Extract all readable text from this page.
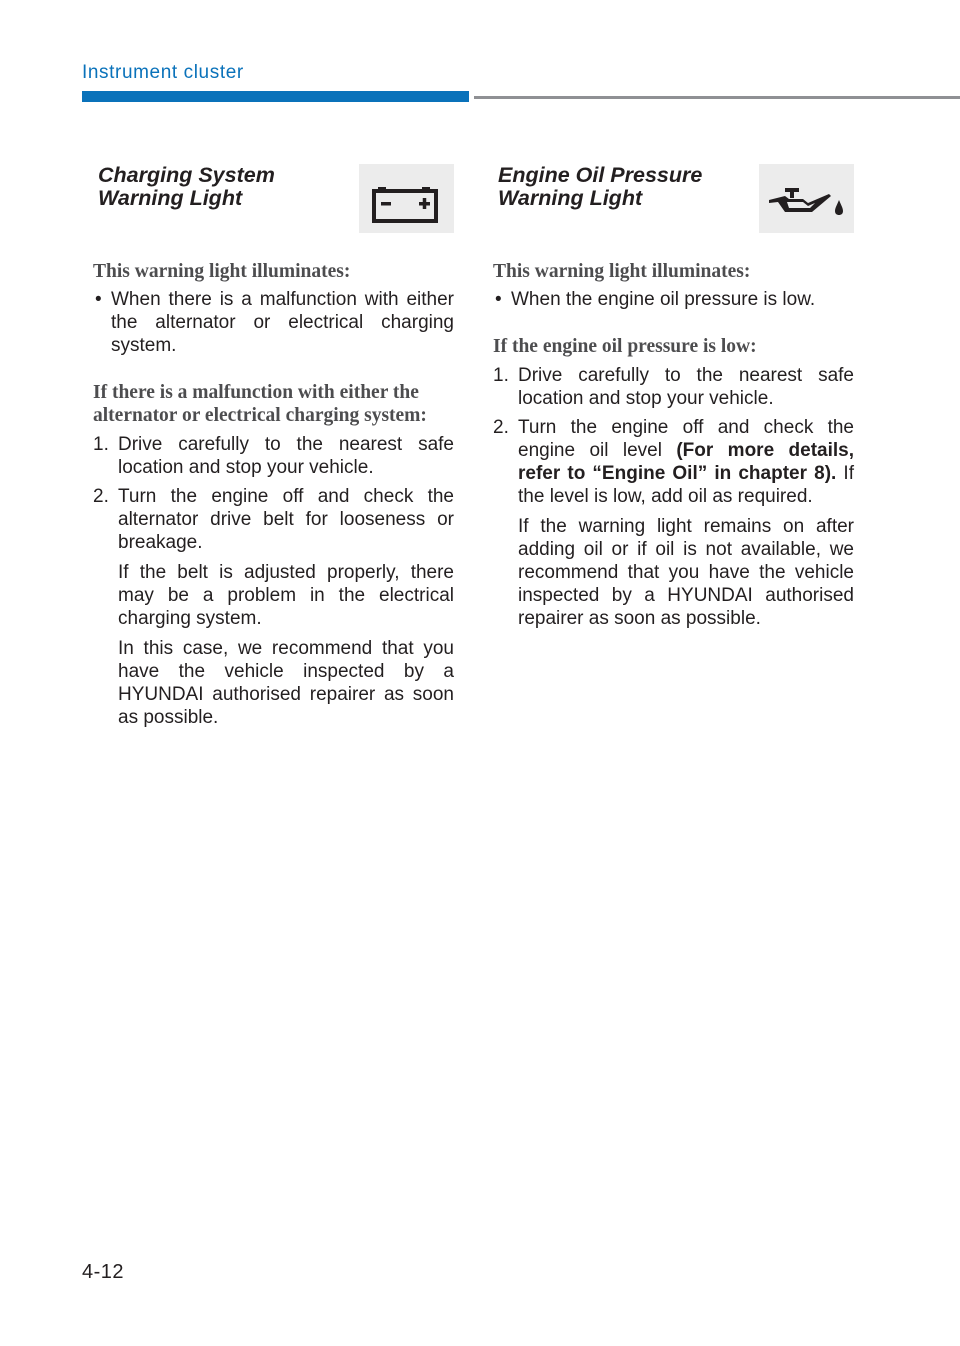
Instrument cluster
Charging System
Warning Light

This warning light illuminates:

• When there is a malfunction with either the alternator or electrical charging system.

If there is a malfunction with either the alternator or electrical charging system:

1. Drive carefully to the nearest safe location and stop your vehicle.

2. Turn the engine off and check the alternator drive belt for looseness or breakage.

If the belt is adjusted properly, there may be a problem in the electrical charging system.

In this case, we recommend that you have the vehicle inspected by a HYUNDAI authorised repairer as soon as possible.

Engine Oil Pressure
Warning Light

This warning light illuminates:

• When the engine oil pressure is low.

If the engine oil pressure is low:

1. Drive carefully to the nearest safe location and stop your vehicle.

2. Turn the engine off and check the engine oil level (For more details, refer to “Engine Oil” in chapter 8). If the level is low, add oil as required.

If the warning light remains on after adding oil or if oil is not available, we recommend that you have the vehicle inspected by a HYUNDAI authorised repairer as soon as possible.

4-12
